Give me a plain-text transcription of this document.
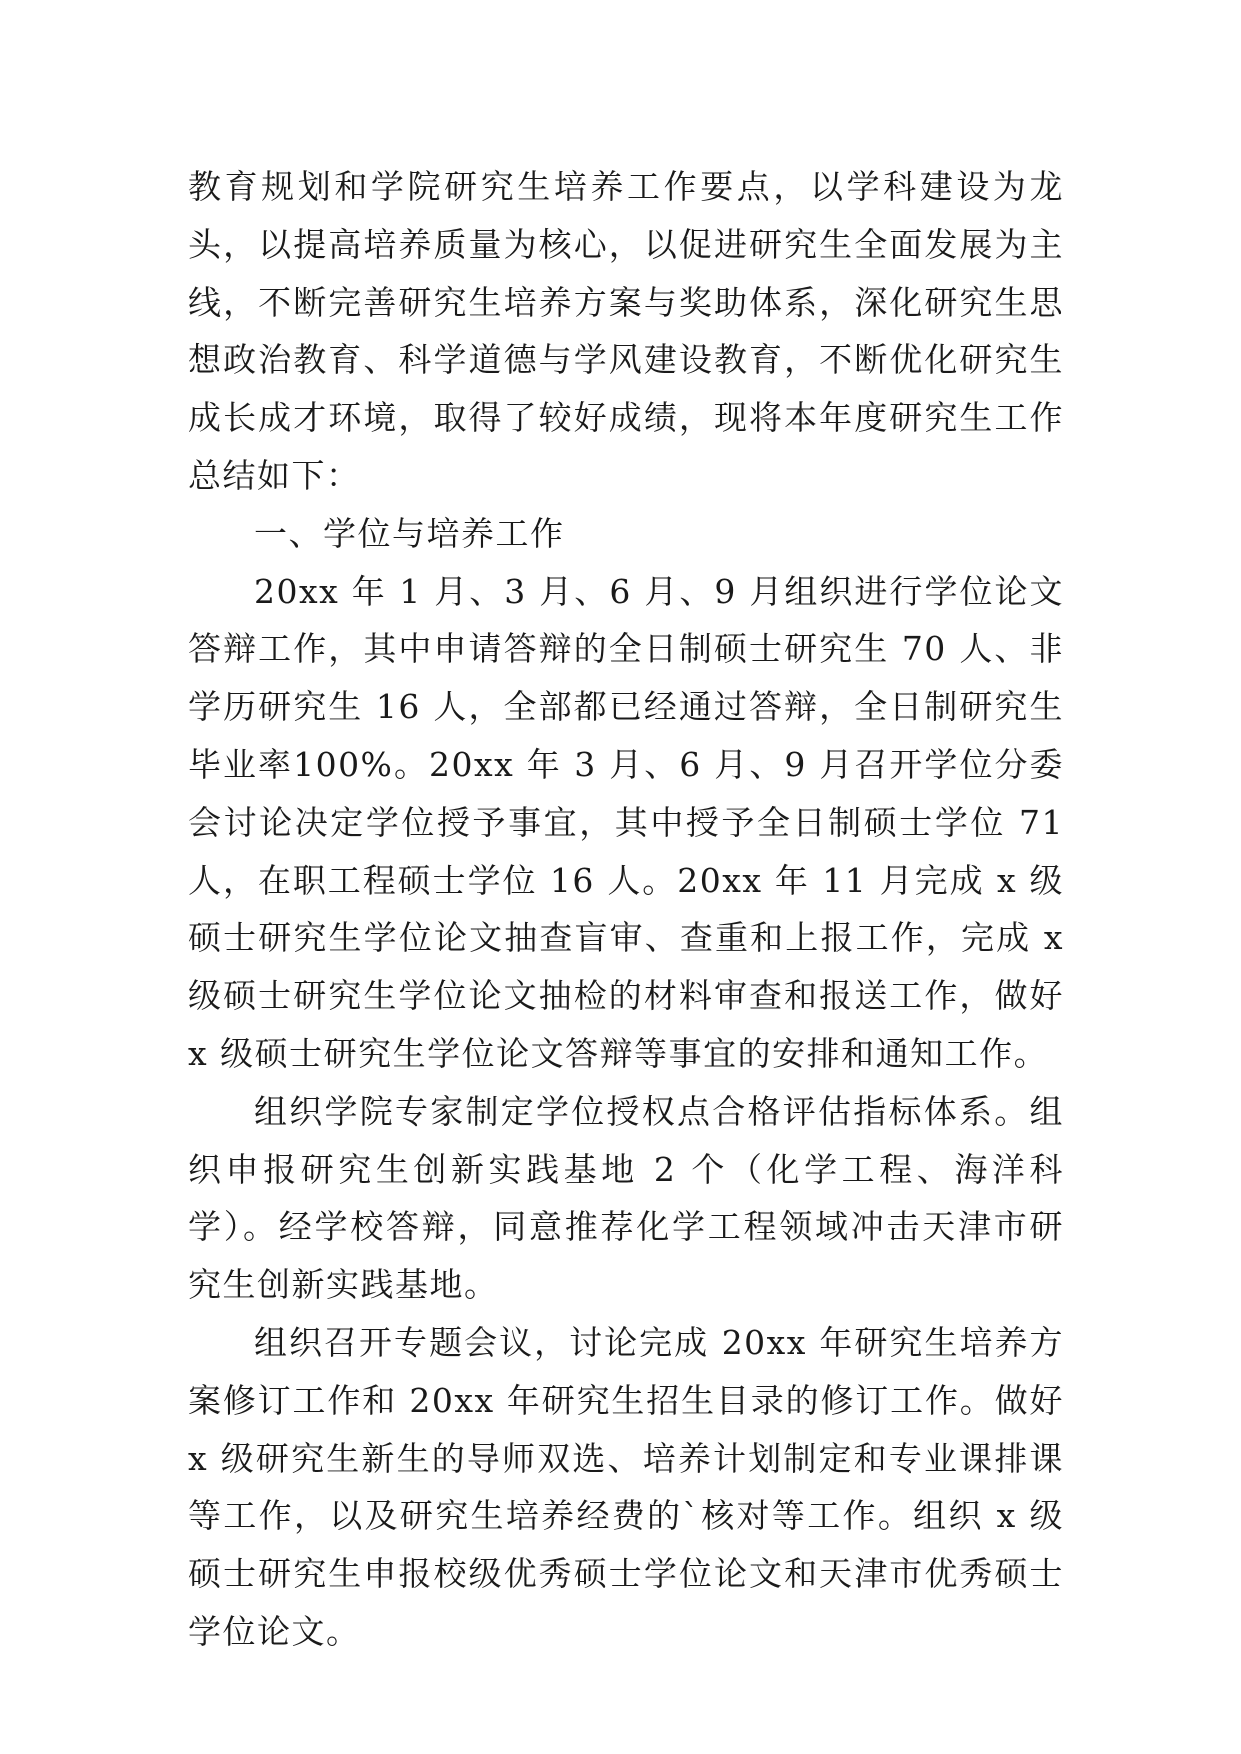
教育规划和学院研究生培养工作要点，以学科建设为龙头，以提高培养质量为核心，以促进研究生全面发展为主线，不断完善研究生培养方案与奖助体系，深化研究生思想政治教育、科学道德与学风建设教育，不断优化研究生成长成才环境，取得了较好成绩，现将本年度研究生工作总结如下：

一、学位与培养工作

20xx 年 1 月、3 月、6 月、9 月组织进行学位论文答辩工作，其中申请答辩的全日制硕士研究生 70 人、非学历研究生 16 人，全部都已经通过答辩，全日制研究生毕业率100%。20xx 年 3 月、6 月、9 月召开学位分委会讨论决定学位授予事宜，其中授予全日制硕士学位 71 人，在职工程硕士学位 16 人。20xx 年 11 月完成 x 级硕士研究生学位论文抽查盲审、查重和上报工作，完成 x 级硕士研究生学位论文抽检的材料审查和报送工作，做好 x 级硕士研究生学位论文答辩等事宜的安排和通知工作。

组织学院专家制定学位授权点合格评估指标体系。组织申报研究生创新实践基地 2 个（化学工程、海洋科学）。经学校答辩，同意推荐化学工程领域冲击天津市研究生创新实践基地。

组织召开专题会议，讨论完成 20xx 年研究生培养方案修订工作和 20xx 年研究生招生目录的修订工作。做好 x 级研究生新生的导师双选、培养计划制定和专业课排课等工作，以及研究生培养经费的`核对等工作。组织 x 级硕士研究生申报校级优秀硕士学位论文和天津市优秀硕士学位论文。
